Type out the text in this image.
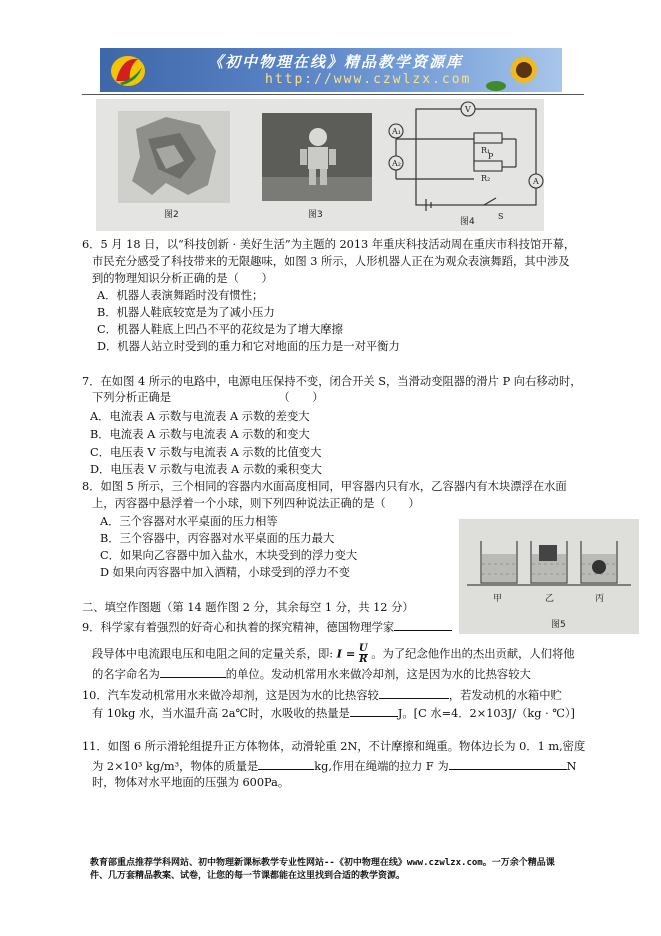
《初中物理在线》精品教学资源库
http://www.czwlzx.com
V
A₁
A₂
A
R₁
R₂
P
S
图2	图3
图4
6．5 月 18 日，以“科技创新 · 美好生活”为主题的 2013 年重庆科技活动周在重庆市科技馆开幕，
市民充分感受了科技带来的无限趣味，如图 3 所示，人形机器人正在为观众表演舞蹈，其中涉及
到的物理知识分析正确的是（　　）
A．机器人表演舞蹈时没有惯性；
B．机器人鞋底较宽是为了减小压力
C．机器人鞋底上凹凸不平的花纹是为了增大摩擦
D．机器人站立时受到的重力和它对地面的压力是一对平衡力
7．在如图 4 所示的电路中，电源电压保持不变，闭合开关 S，当滑动变阻器的滑片 P 向右移动时，
下列分析正确是　　　　　　　　　　（　　）
A．电流表 A 示数与电流表 A 示数的差变大
B．电流表 A 示数与电流表 A 示数的和变大
C．电压表 V 示数与电流表 A 示数的比值变大
D．电压表 V 示数与电流表 A 示数的乘积变大
8．如图 5 所示，三个相同的容器内水面高度相同，甲容器内只有水，乙容器内有木块漂浮在水面
上，丙容器中悬浮着一个小球，则下列四种说法正确的是（　　）
A．三个容器对水平桌面的压力相等
B．三个容器中，丙容器对水平桌面的压力最大
C．如果向乙容器中加入盐水，木块受到的浮力变大
D 如果向丙容器中加入酒精，小球受到的浮力不变
甲	乙	丙
图5
二、填空作图题（第 14 题作图 2 分，其余每空 1 分，共 12 分）
9．科学家有着强烈的好奇心和执着的探究精神，德国物理学家
段导体中电流跟电压和电阻之间的定量关系，即: $I = \frac{U}{R}$ 。为了纪念他作出的杰出贡献，人们将他
的名字命名为	的单位。发动机常用水来做冷却剂，这是因为水的比热容较大
10．汽车发动机常用水来做冷却剂，这是因为水的比热容较	，若发动机的水箱中贮
有 10kg 水，当水温升高 2a℃时，水吸收的热量是	J。[C 水=4．2×103J/（kg · ℃）]
11．如图 6 所示滑轮组提升正方体物体，动滑轮重 2N，不计摩擦和绳重。物体边长为 0．1 m,密度
为 2×10³ kg/m³，物体的质量是	kg,作用在绳端的拉力 F 为	N
时，物体对水平地面的压强为 600Pa。
教育部重点推荐学科网站、初中物理新课标教学专业性网站--《初中物理在线》www.czwlzx.com。一万余个精品课
件、几万套精品教案、试卷，让您的每一节课都能在这里找到合适的教学资源。
